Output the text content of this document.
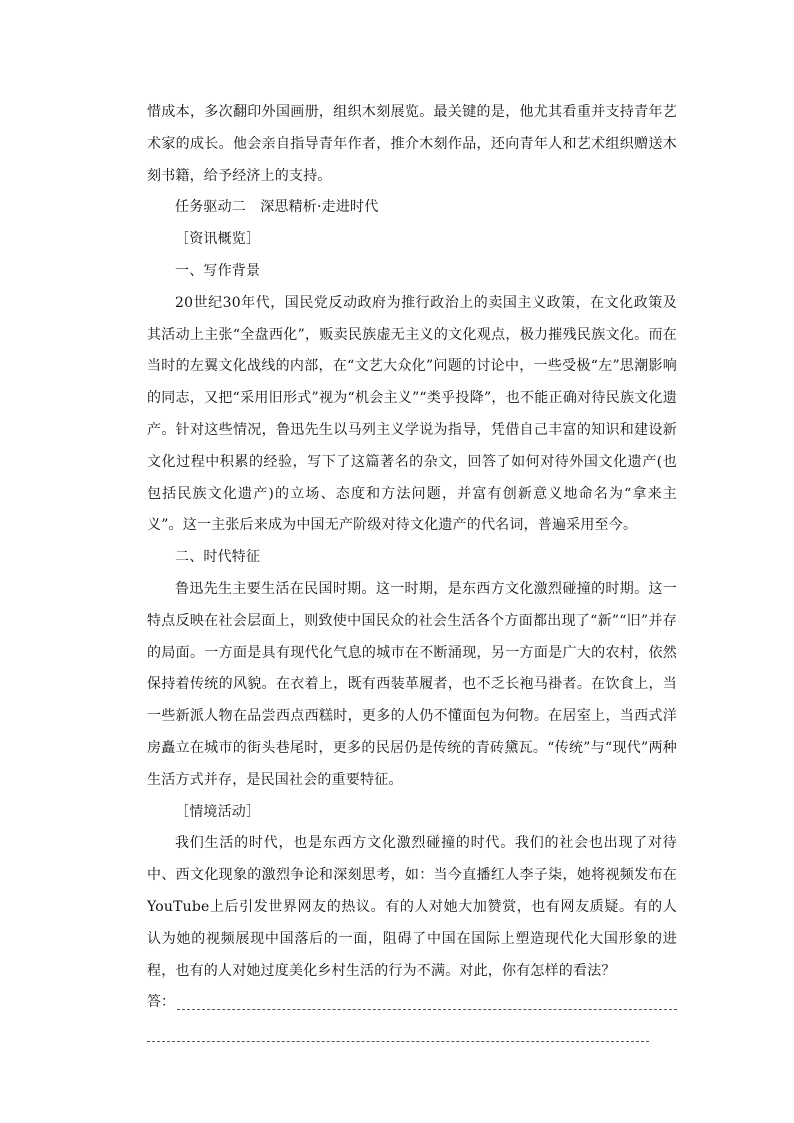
惜成本，多次翻印外国画册，组织木刻展览。最关键的是，他尤其看重并支持青年艺术家的成长。他会亲自指导青年作者，推介木刻作品，还向青年人和艺术组织赠送木刻书籍，给予经济上的支持。

任务驱动二　深思精析·走进时代

［资讯概览］

一、写作背景

20世纪30年代，国民党反动政府为推行政治上的卖国主义政策，在文化政策及其活动上主张“全盘西化”，贩卖民族虚无主义的文化观点，极力摧残民族文化。而在当时的左翼文化战线的内部，在“文艺大众化”问题的讨论中，一些受极“左”思潮影响的同志，又把“采用旧形式”视为“机会主义”“类乎投降”，也不能正确对待民族文化遗产。针对这些情况，鲁迅先生以马列主义学说为指导，凭借自己丰富的知识和建设新文化过程中积累的经验，写下了这篇著名的杂文，回答了如何对待外国文化遗产(也包括民族文化遗产)的立场、态度和方法问题，并富有创新意义地命名为“拿来主义”。这一主张后来成为中国无产阶级对待文化遗产的代名词，普遍采用至今。

二、时代特征

鲁迅先生主要生活在民国时期。这一时期，是东西方文化激烈碰撞的时期。这一特点反映在社会层面上，则致使中国民众的社会生活各个方面都出现了“新”“旧”并存的局面。一方面是具有现代化气息的城市在不断涌现，另一方面是广大的农村，依然保持着传统的风貌。在衣着上，既有西装革履者，也不乏长袍马褂者。在饮食上，当一些新派人物在品尝西点西糕时，更多的人仍不懂面包为何物。在居室上，当西式洋房矗立在城市的街头巷尾时，更多的民居仍是传统的青砖黛瓦。“传统”与“现代”两种生活方式并存，是民国社会的重要特征。

［情境活动］

我们生活的时代，也是东西方文化激烈碰撞的时代。我们的社会也出现了对待中、西文化现象的激烈争论和深刻思考，如：当今直播红人李子柒，她将视频发布在YouTube上后引发世界网友的热议。有的人对她大加赞赏，也有网友质疑。有的人认为她的视频展现中国落后的一面，阻碍了中国在国际上塑造现代化大国形象的进程，也有的人对她过度美化乡村生活的行为不满。对此，你有怎样的看法？

答：
